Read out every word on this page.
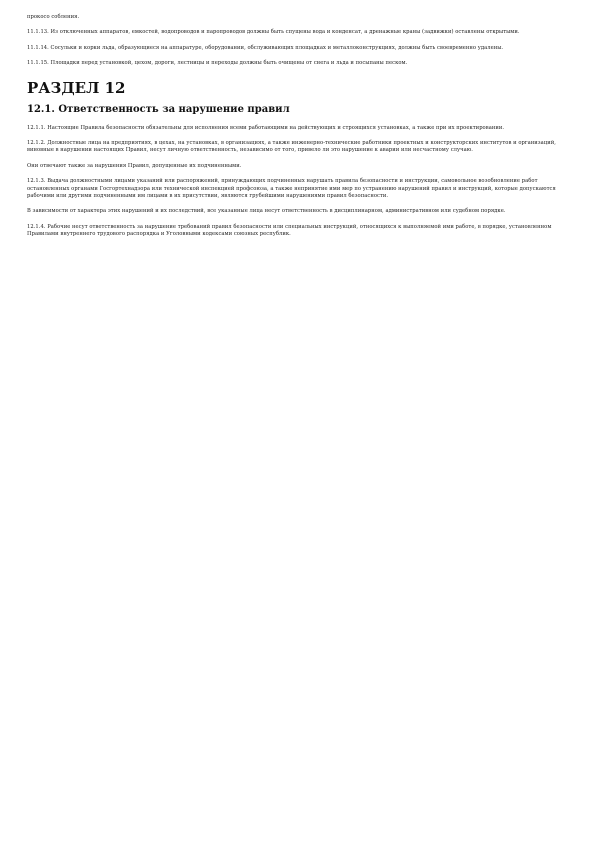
прокосо собления.

11.1.13. Из отключенных аппаратов, емкостей, водопроводов и паропроводов должны быть спущены вода и конденсат, а дренажные краны (задвижки) оставлены открытыми.

11.1.14. Сосульки и корки льда, образующиеся на аппаратуре, оборудовании, обслуживающих площадках и металлоконструкциях, должны быть своевременно удалены.

11.1.15. Площадки перед установкой, цехом, дороги, лестницы и переходы должны быть очищены от снега и льда и посыпаны песком.

РАЗДЕЛ 12
12.1. Ответственность за нарушение правил

12.1.1. Настоящие Правила безопасности обязательны для исполнения всеми работающими на действующих и строящихся установках, а также при их проектировании.

12.1.2. Должностные лица на предприятиях, в цехах, на установках, в организациях, а также инженерно-технические работники проектных и конструкторских институтов и организаций, виновные в нарушении настоящих Правил, несут личную ответственность, независимо от того, привело ли это нарушение к аварии или несчастному случаю.

Они отвечают также за нарушения Правил, допущенные их подчиненными.

12.1.3. Выдача должностными лицами указаний или распоряжений, принуждающих подчиненных нарушать правила безопасности и инструкции, самовольное возобновление работ остановленных органами Госгортехнадзора или технической инспекцией профсоюза, а также непринятие ими мер по устранению нарушений правил и инструкций, которые допускаются рабочими или другими подчиненными им лицами в их присутствии, являются грубейшими нарушениями правил безопасности.

В зависимости от характера этих нарушений и их последствий, все указанные лица несут ответственность в дисциплинарном, административном или судебном порядке.

12.1.4. Рабочие несут ответственность за нарушение требований правил безопасности или специальных инструкций, относящихся к выполняемой ими работе, в порядке, установленном Правилами внутреннего трудового распорядка и Уголовными кодексами союзных республик.
